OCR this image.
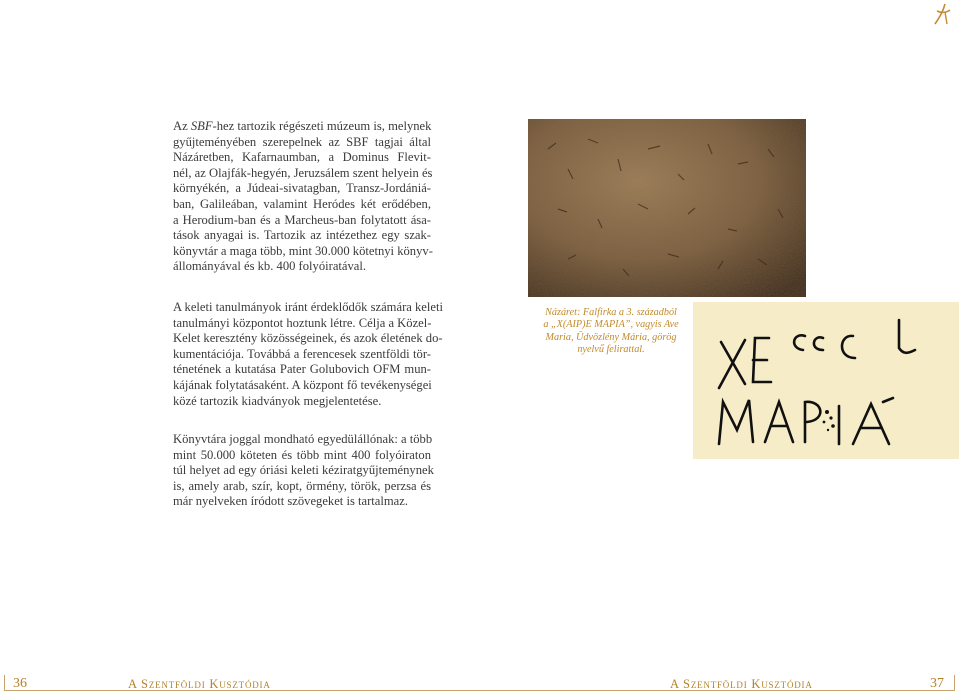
Az SBF-hez tartozik régészeti múzeum is, melynek
gyűjteményében szerepelnek az SBF tagjai által
Názáretben, Kafarnaumban, a Dominus Flevit-
nél, az Olajfák-hegyén, Jeruzsálem szent helyein és
környékén, a Júdeai-sivatagban, Transz-Jordániá-
ban, Galileában, valamint Heródes két erődében,
a Herodium-ban és a Marcheus-ban folytatott ása-
tások anyagai is. Tartozik az intézethez egy szak-
könyvtár a maga több, mint 30.000 kötetnyi könyv-
állományával és kb. 400 folyóiratával.
A keleti tanulmányok iránt érdeklődők számára keleti
tanulmányi központot hoztunk létre. Célja a Közel-
Kelet keresztény közösségeinek, és azok életének do-
kumentációja. Továbbá a ferencesek szentföldi tör-
ténetének a kutatása Pater Golubovich OFM mun-
kájának folytatásaként. A központ fő tevékenységei
közé tartozik kiadványok megjelentetése.
Könyvtára joggal mondható egyedülállónak: a több
mint 50.000 köteten és több mint 400 folyóiraton
túl helyet ad egy óriási keleti kéziratgyűjteménynek
is, amely arab, szír, kopt, örmény, török, perzsa és
már nyelveken íródott szövegeket is tartalmaz.
Názáret: Falfirka a 3. századból
a „X(AIP)E MAPIA”, vagyis Ave
Maria, Üdvözlény Mária, görög
nyelvű felirattal.
36	A Szentföldi Kusztódia	A Szentföldi Kusztódia	37
